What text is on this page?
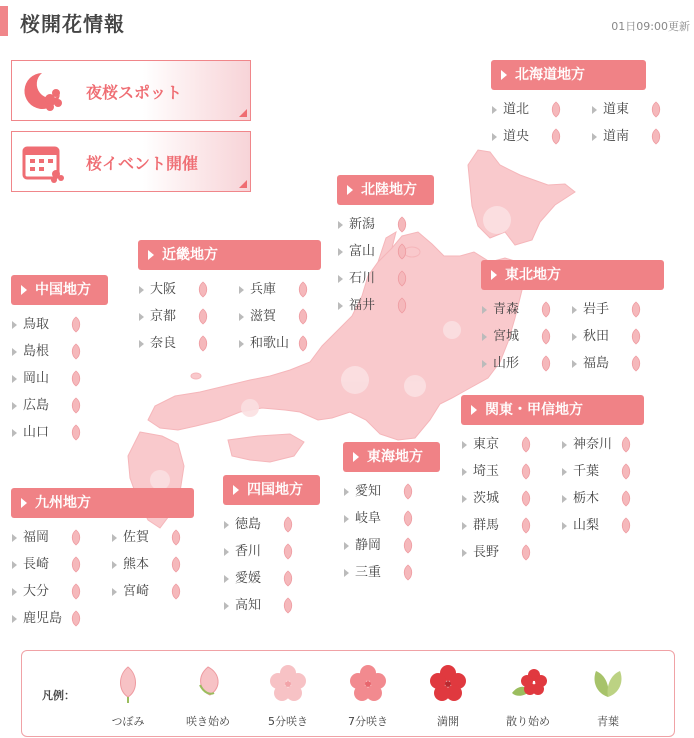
桜開花情報	01日09:00更新
夜桜スポット
桜イベント開催
北海道地方
道北	道東
道央	道南
北陸地方
新潟
富山
石川
福井
近畿地方
大阪	兵庫
京都	滋賀
奈良	和歌山
東北地方
青森	岩手
宮城	秋田
山形	福島
中国地方
鳥取
島根
岡山
広島
山口
関東・甲信地方
東京	神奈川
埼玉	千葉
茨城	栃木
群馬	山梨
長野
東海地方
愛知
岐阜
静岡
三重
四国地方
徳島
香川
愛媛
高知
九州地方
福岡	佐賀
長崎	熊本
大分	宮崎
鹿児島
凡例：
つぼみ	咲き始め	5分咲き	7分咲き	満開	散り始め	青葉
